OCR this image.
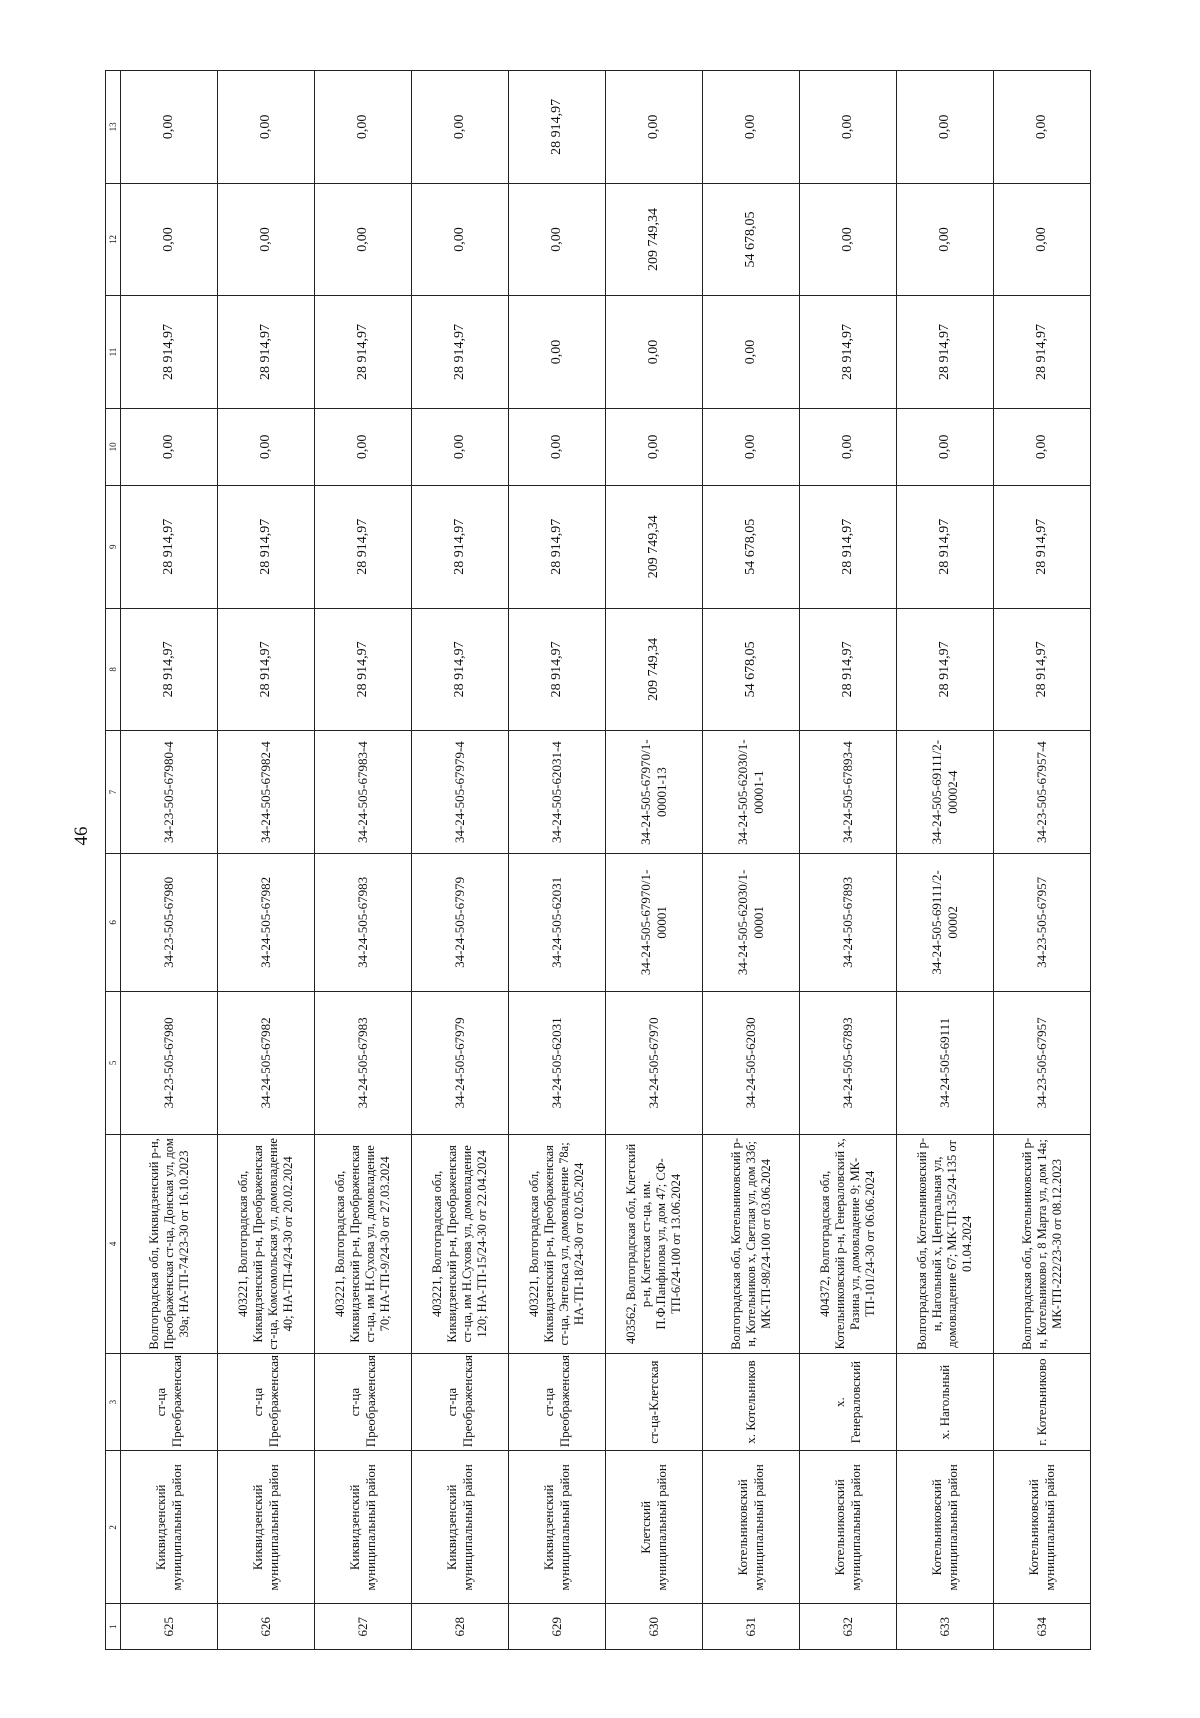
46
1	2	3	4	5	6	7	8	9	10	11	12	13
625	Киквидзенский муниципальный район	ст-ца Преображенская	Волгоградская обл, Киквидзенский р-н, Преображенская ст-ца, Донская ул, дом 39а; НА-ТП-74/23-30 от 16.10.2023	34-23-505-67980	34-23-505-67980	34-23-505-67980-4	28 914,97	28 914,97	0,00	28 914,97	0,00	0,00
626	Киквидзенский муниципальный район	ст-ца Преображенская	403221, Волгоградская обл, Киквидзенский р-н, Преображенская ст-ца, Комсомольская ул, домовладение 40; НА-ТП-4/24-30 от 20.02.2024	34-24-505-67982	34-24-505-67982	34-24-505-67982-4	28 914,97	28 914,97	0,00	28 914,97	0,00	0,00
627	Киквидзенский муниципальный район	ст-ца Преображенская	403221, Волгоградская обл, Киквидзенский р-н, Преображенская ст-ца, им Н.Сухова ул, домовладение 70; НА-ТП-9/24-30 от 27.03.2024	34-24-505-67983	34-24-505-67983	34-24-505-67983-4	28 914,97	28 914,97	0,00	28 914,97	0,00	0,00
628	Киквидзенский муниципальный район	ст-ца Преображенская	403221, Волгоградская обл, Киквидзенский р-н, Преображенская ст-ца, им Н.Сухова ул, домовладение 120; НА-ТП-15/24-30 от 22.04.2024	34-24-505-67979	34-24-505-67979	34-24-505-67979-4	28 914,97	28 914,97	0,00	28 914,97	0,00	0,00
629	Киквидзенский муниципальный район	ст-ца Преображенская	403221, Волгоградская обл, Киквидзенский р-н, Преображенская ст-ца, Энгельса ул, домовладение 78а; НА-ТП-18/24-30 от 02.05.2024	34-24-505-62031	34-24-505-62031	34-24-505-62031-4	28 914,97	28 914,97	0,00	0,00	0,00	28 914,97
630	Клетский муниципальный район	ст-ца-Клетская	403562, Волгоградская обл, Клетский р-н, Клетская ст-ца, им. П.Ф.Панфилова ул, дом 47; СФ-ТП-6/24-100 от 13.06.2024	34-24-505-67970	34-24-505-67970/1-00001	34-24-505-67970/1-00001-13	209 749,34	209 749,34	0,00	0,00	209 749,34	0,00
631	Котельниковский муниципальный район	х. Котельников	Волгоградская обл, Котельниковский р-н, Котельников х, Светлая ул, дом 33б; МК-ТП-98/24-100 от 03.06.2024	34-24-505-62030	34-24-505-62030/1-00001	34-24-505-62030/1-00001-1	54 678,05	54 678,05	0,00	0,00	54 678,05	0,00
632	Котельниковский муниципальный район	х. Генераловский	404372, Волгоградская обл, Котельниковский р-н, Генераловский х, Разина ул, домовладение 9; МК-ТП-101/24-30 от 06.06.2024	34-24-505-67893	34-24-505-67893	34-24-505-67893-4	28 914,97	28 914,97	0,00	28 914,97	0,00	0,00
633	Котельниковский муниципальный район	х. Нагольный	Волгоградская обл, Котельниковский р-н, Нагольный х, Центральная ул, домовладение 67; МК-ТП-35/24-135 от 01.04.2024	34-24-505-69111	34-24-505-69111/2-00002	34-24-505-69111/2-00002-4	28 914,97	28 914,97	0,00	28 914,97	0,00	0,00
634	Котельниковский муниципальный район	г. Котельниково	Волгоградская обл, Котельниковский р-н, Котельниково г, 8 Марта ул, дом 14а; МК-ТП-222/23-30 от 08.12.2023	34-23-505-67957	34-23-505-67957	34-23-505-67957-4	28 914,97	28 914,97	0,00	28 914,97	0,00	0,00
